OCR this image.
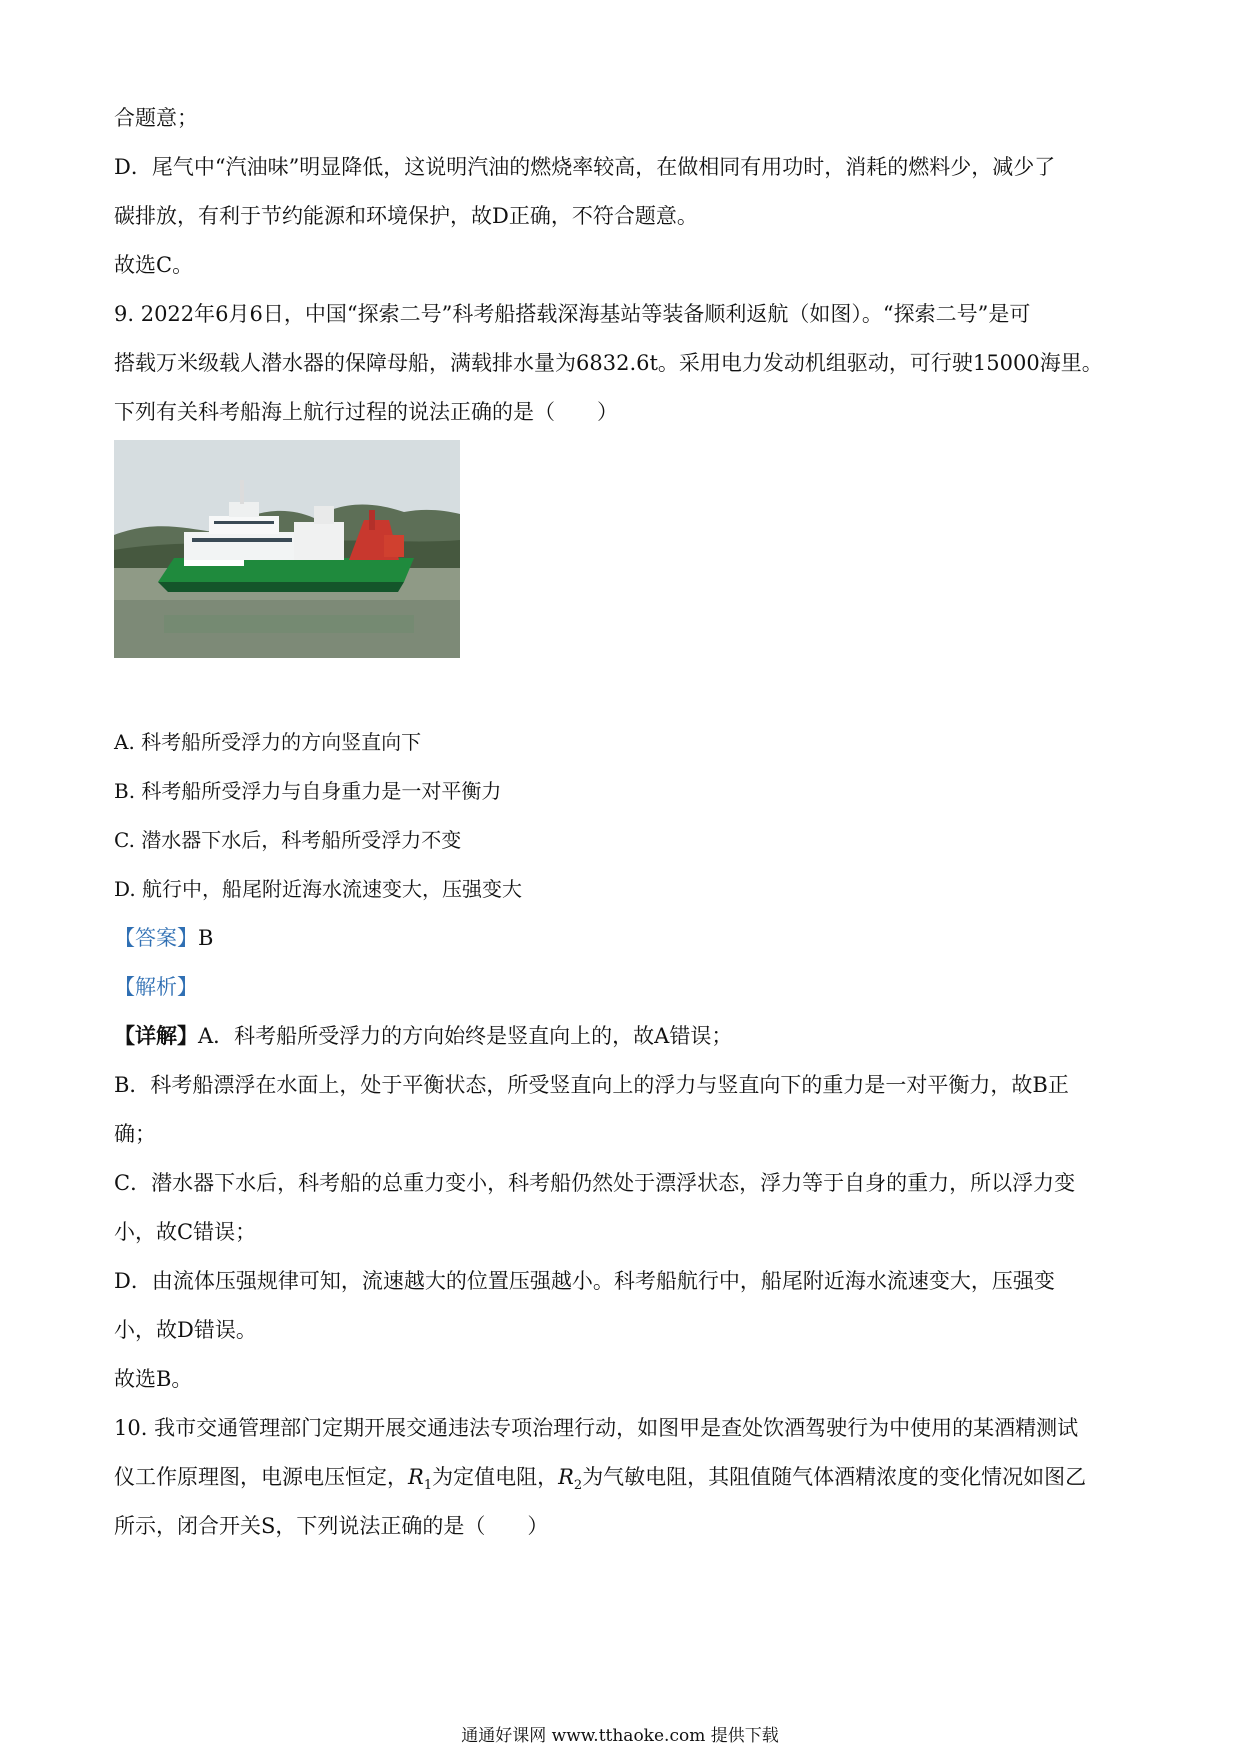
合题意；
D．尾气中“汽油味”明显降低，这说明汽油的燃烧率较高，在做相同有用功时，消耗的燃料少，减少了
碳排放，有利于节约能源和环境保护，故D正确，不符合题意。
故选C。
9. 2022年6月6日，中国“探索二号”科考船搭载深海基站等装备顺利返航（如图）。“探索二号”是可
搭载万米级载人潜水器的保障母船，满载排水量为6832.6t。采用电力发动机组驱动，可行驶15000海里。
下列有关科考船海上航行过程的说法正确的是（　　）
A. 科考船所受浮力的方向竖直向下
B. 科考船所受浮力与自身重力是一对平衡力
C. 潜水器下水后，科考船所受浮力不变
D. 航行中，船尾附近海水流速变大，压强变大
【答案】B
【解析】
【详解】A．科考船所受浮力的方向始终是竖直向上的，故A错误；
B．科考船漂浮在水面上，处于平衡状态，所受竖直向上的浮力与竖直向下的重力是一对平衡力，故B正
确；
C．潜水器下水后，科考船的总重力变小，科考船仍然处于漂浮状态，浮力等于自身的重力，所以浮力变
小，故C错误；
D．由流体压强规律可知，流速越大的位置压强越小。科考船航行中，船尾附近海水流速变大，压强变
小，故D错误。
故选B。
10. 我市交通管理部门定期开展交通违法专项治理行动，如图甲是查处饮酒驾驶行为中使用的某酒精测试
仪工作原理图，电源电压恒定，$R_1$为定值电阻，$R_2$为气敏电阻，其阻值随气体酒精浓度的变化情况如图乙
所示，闭合开关S，下列说法正确的是（　　）
通通好课网 www.tthaoke.com 提供下载
